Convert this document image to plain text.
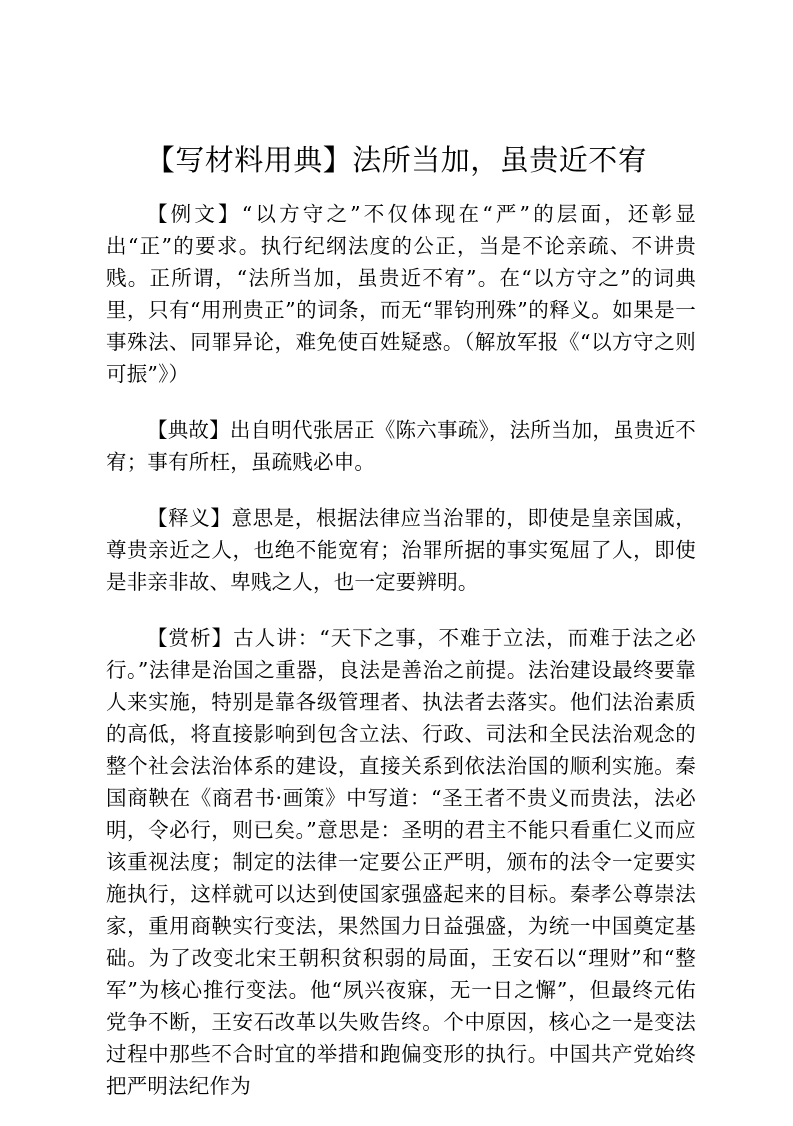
【写材料用典】法所当加，虽贵近不宥

【例文】“以方守之”不仅体现在“严”的层面，还彰显出“正”的要求。执行纪纲法度的公正，当是不论亲疏、不讲贵贱。正所谓，“法所当加，虽贵近不宥”。在“以方守之”的词典里，只有“用刑贵正”的词条，而无“罪钧刑殊”的释义。如果是一事殊法、同罪异论，难免使百姓疑惑。（解放军报《“以方守之则可振”》）

【典故】出自明代张居正《陈六事疏》，法所当加，虽贵近不宥；事有所枉，虽疏贱必申。

【释义】意思是，根据法律应当治罪的，即使是皇亲国戚，尊贵亲近之人，也绝不能宽宥；治罪所据的事实冤屈了人，即使是非亲非故、卑贱之人，也一定要辨明。

【赏析】古人讲：“天下之事，不难于立法，而难于法之必行。”法律是治国之重器，良法是善治之前提。法治建设最终要靠人来实施，特别是靠各级管理者、执法者去落实。他们法治素质的高低，将直接影响到包含立法、行政、司法和全民法治观念的整个社会法治体系的建设，直接关系到依法治国的顺利实施。秦国商鞅在《商君书·画策》中写道：“圣王者不贵义而贵法，法必明，令必行，则已矣。”意思是：圣明的君主不能只看重仁义而应该重视法度；制定的法律一定要公正严明，颁布的法令一定要实施执行，这样就可以达到使国家强盛起来的目标。秦孝公尊崇法家，重用商鞅实行变法，果然国力日益强盛，为统一中国奠定基础。为了改变北宋王朝积贫积弱的局面，王安石以“理财”和“整军”为核心推行变法。他“夙兴夜寐，无一日之懈”，但最终元佑党争不断，王安石改革以失败告终。个中原因，核心之一是变法过程中那些不合时宜的举措和跑偏变形的执行。中国共产党始终把严明法纪作为
